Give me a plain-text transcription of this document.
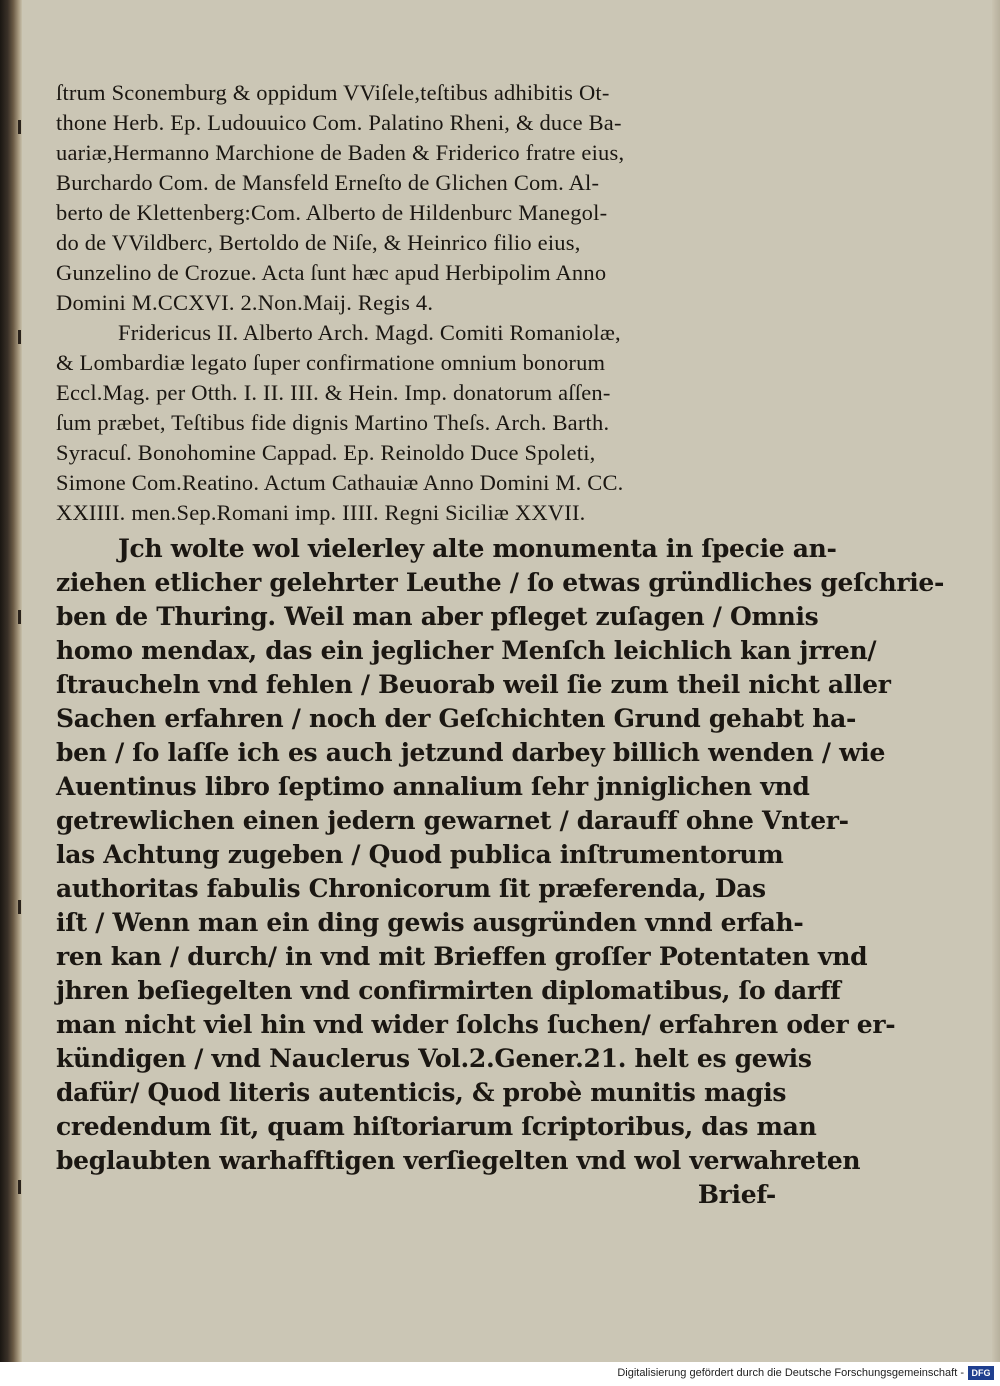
ſtrum Sconemburg & oppidum VViſele,teſtibus adhibitis Ot-
thone Herb. Ep. Ludouuico Com. Palatino Rheni, & duce Ba-
uariæ,Hermanno Marchione de Baden & Friderico fratre eius,
Burchardo Com. de Mansfeld Erneſto de Glichen Com. Al-
berto de Klettenberg:Com. Alberto de Hildenburc Manegol-
do de VVildberc, Bertoldo de Niſe, & Heinrico filio eius,
Gunzelino de Crozue. Acta ſunt hæc apud Herbipolim Anno
Domini M.CCXVI. 2.Non.Maij. Regis 4.
Fridericus II. Alberto Arch. Magd. Comiti Romaniolæ,
& Lombardiæ legato ſuper confirmatione omnium bonorum
Eccl.Mag. per Otth. I. II. III. & Hein. Imp. donatorum aſſen-
ſum præbet, Teſtibus fide dignis Martino Theſs. Arch. Barth.
Syracuſ. Bonohomine Cappad. Ep. Reinoldo Duce Spoleti,
Simone Com.Reatino. Actum Cathauiæ Anno Domini M. CC.
XXIIII. men.Sep.Romani imp. IIII. Regni Siciliæ XXVII.
Jch wolte wol vielerley alte monumenta in ſpecie an-
ziehen etlicher gelehrter Leuthe / ſo etwas gründliches geſchrie-
ben de Thuring. Weil man aber pfleget zuſagen / Omnis
homo mendax, das ein jeglicher Menſch leichlich kan jrren/
ſtraucheln vnd fehlen / Beuorab weil ſie zum theil nicht aller
Sachen erfahren / noch der Geſchichten Grund gehabt ha-
ben / ſo laſſe ich es auch jetzund darbey billich wenden / wie
Auentinus libro ſeptimo annalium ſehr jnniglichen vnd
getrewlichen einen jedern gewarnet / darauff ohne Vnter-
las Achtung zugeben / Quod publica inſtrumentorum
authoritas fabulis Chronicorum ſit præferenda, Das
iſt / Wenn man ein ding gewis ausgründen vnnd erfah-
ren kan / durch/ in vnd mit Brieffen groſſer Potentaten vnd
jhren beſiegelten vnd confirmirten diplomatibus, ſo darff
man nicht viel hin vnd wider ſolchs ſuchen/ erfahren oder er-
kündigen / vnd Nauclerus Vol.2.Gener.21. helt es gewis
dafür/ Quod literis autenticis, & probè munitis magis
credendum ſit, quam hiſtoriarum ſcriptoribus, das man
beglaubten warhafftigen verſiegelten vnd wol verwahreten
Brief-
Digitalisierung gefördert durch die Deutsche Forschungsgemeinschaft - DFG
